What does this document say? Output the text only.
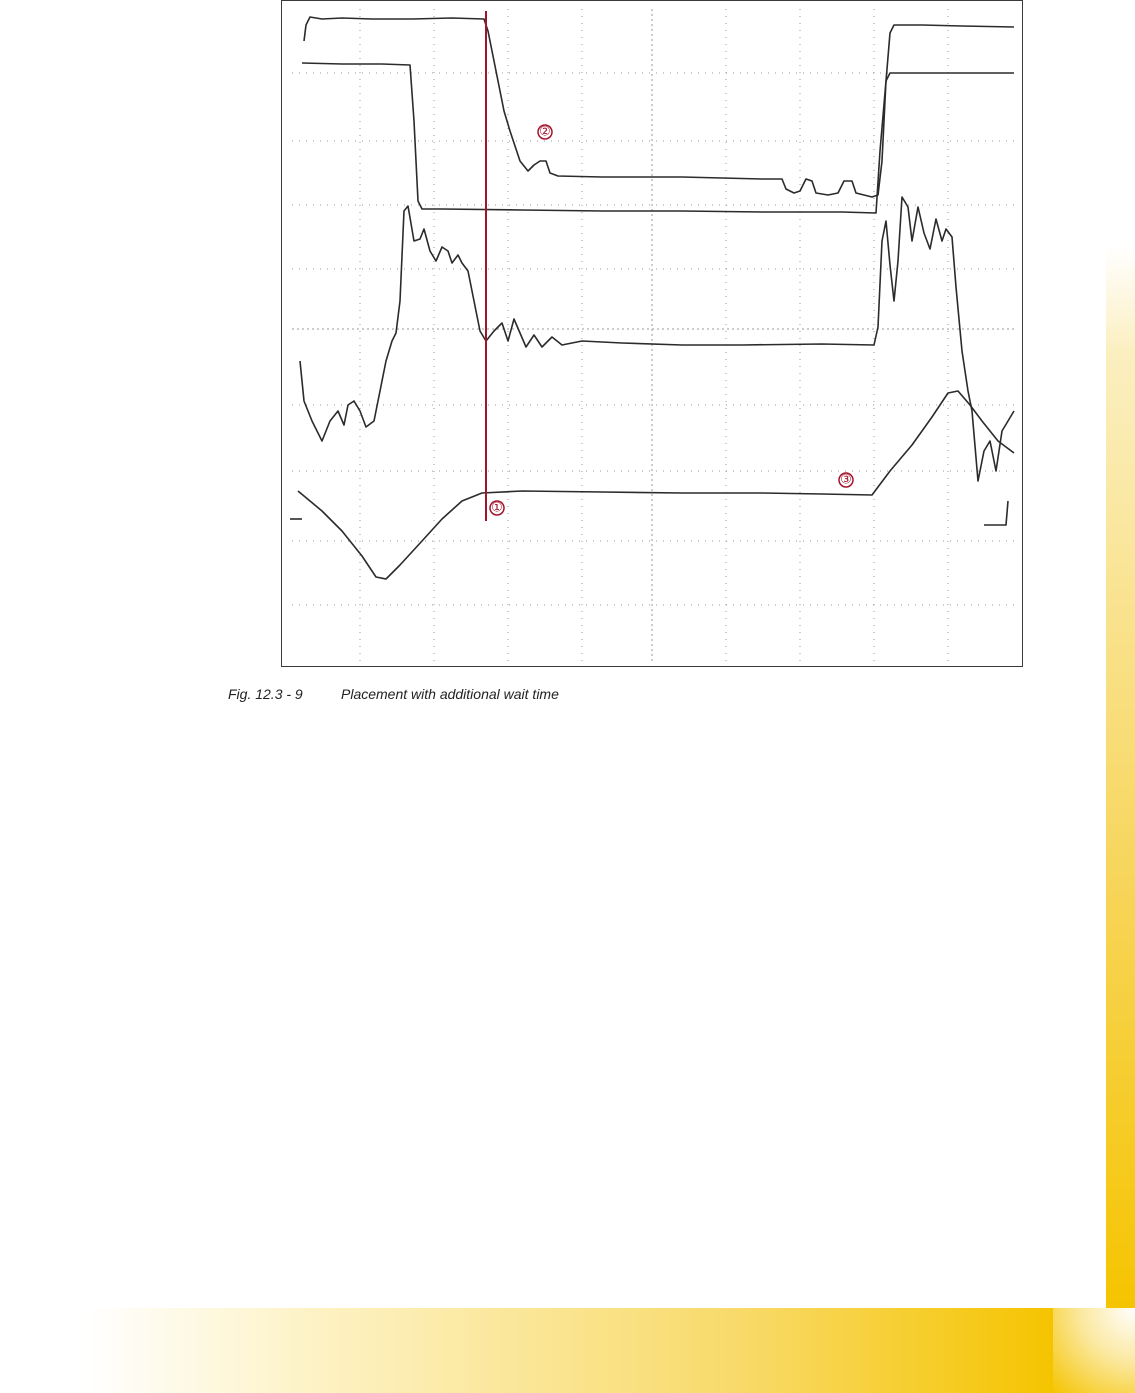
①
②
③
Fig. 12.3 - 9	Placement with additional wait time
